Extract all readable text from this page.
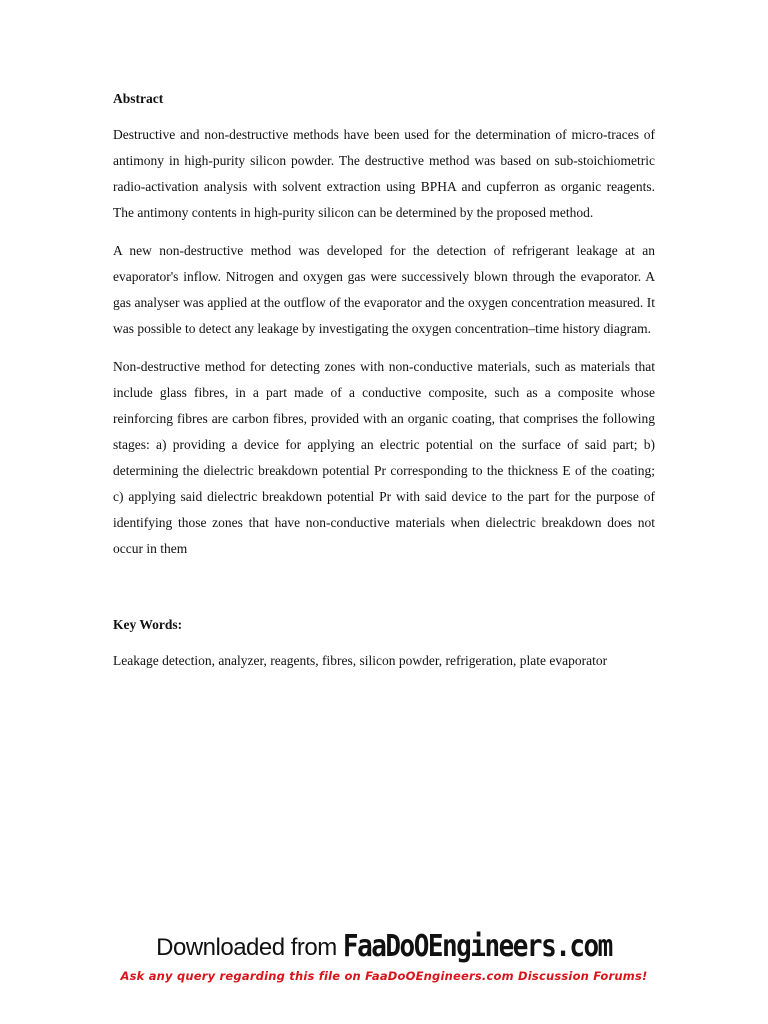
Abstract

Destructive and non-destructive methods have been used for the determination of micro-traces of antimony in high-purity silicon powder. The destructive method was based on sub-stoichiometric radio-activation analysis with solvent extraction using BPHA and cupferron as organic reagents. The antimony contents in high-purity silicon can be determined by the proposed method.

A new non-destructive method was developed for the detection of refrigerant leakage at an evaporator's inflow. Nitrogen and oxygen gas were successively blown through the evaporator. A gas analyser was applied at the outflow of the evaporator and the oxygen concentration measured. It was possible to detect any leakage by investigating the oxygen concentration–time history diagram.

Non-destructive method for detecting zones with non-conductive materials, such as materials that include glass fibres, in a part made of a conductive composite, such as a composite whose reinforcing fibres are carbon fibres, provided with an organic coating, that comprises the following stages: a) providing a device for applying an electric potential on the surface of said part; b) determining the dielectric breakdown potential Pr corresponding to the thickness E of the coating; c) applying said dielectric breakdown potential Pr with said device to the part for the purpose of identifying those zones that have non-conductive materials when dielectric breakdown does not occur in them

Key Words:

Leakage detection, analyzer, reagents, fibres, silicon powder, refrigeration, plate evaporator

Downloaded from FaaDoOEngineers.com
Ask any query regarding this file on FaaDoOEngineers.com Discussion Forums!
